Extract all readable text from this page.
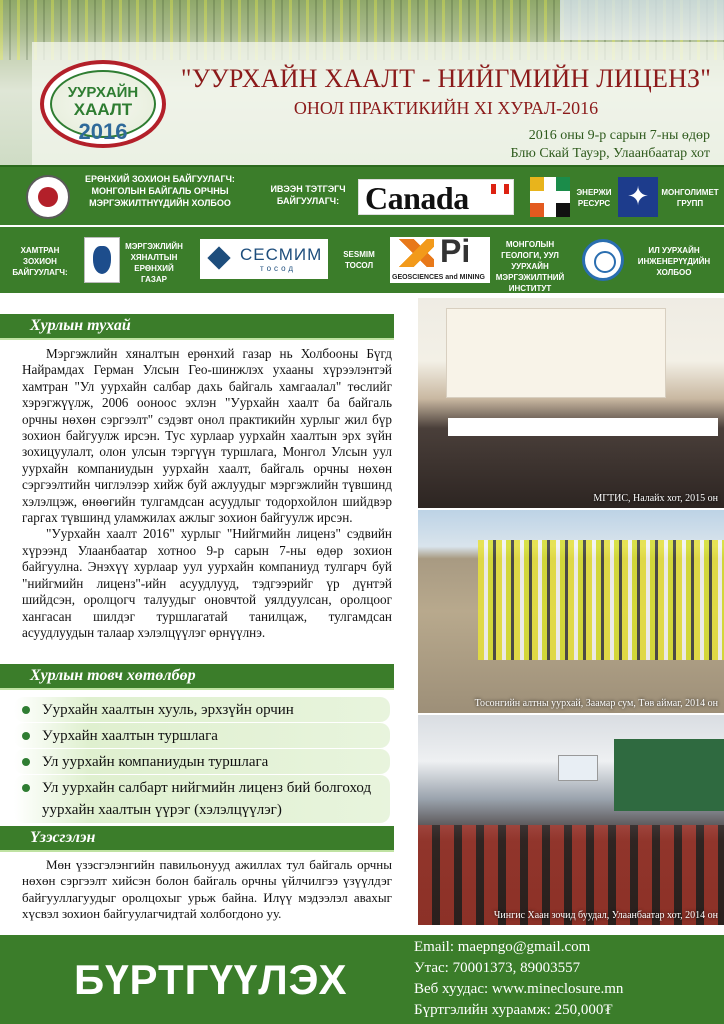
УУРХАЙН
ХААЛТ
2016
"УУРХАЙН ХААЛТ - НИЙГМИЙН ЛИЦЕНЗ"
ОНОЛ ПРАКТИКИЙН XI ХУРАЛ-2016
2016 оны 9-р сарын 7-ны өдөр
Блю Скай Тауэр, Улаанбаатар хот
ЕРӨНХИЙ ЗОХИОН БАЙГУУЛАГЧ: МОНГОЛЫН БАЙГАЛЬ ОРЧНЫ МЭРГЭЖИЛТНҮҮДИЙН ХОЛБОО
ИВЭЭН ТЭТГЭГЧ БАЙГУУЛАГЧ: Canada	ЭНЕРЖИ РЕСУРС ✦	МОНГОЛИМЕТ ГРУПП
ХАМТРАН ЗОХИОН БАЙГУУЛАГЧ:
МЭРГЭЖЛИЙН ХЯНАЛТЫН ЕРӨНХИЙ ГАЗАР
СЕСМИМ
тосод
SESMIM ТОСОЛ	Pi
GEOSCIENCES and MINING
МОНГОЛЫН ГЕОЛОГИ, УУЛ УУРХАЙН МЭРГЭЖИЛТНИЙ ИНСТИТУТ
ИЛ УУРХАЙН ИНЖЕНЕРҮҮДИЙН ХОЛБОО
Хурлын тухай

Мэргэжлийн хяналтын ерөнхий газар нь Холбооны Бүгд Найрамдах Герман Улсын Гео-шинжлэх ухааны хүрээлэнтэй хамтран "Ул уурхайн салбар дахь байгаль хамгаалал" төслийг хэрэгжүүлж, 2006 ооноос эхлэн "Уурхайн хаалт ба байгаль орчны нөхөн сэргээлт" сэдэвт онол практикийн хурлыг жил бүр зохион байгуулж ирсэн. Тус хурлаар уурхайн хаалтын эрх зүйн зохицуулалт, олон улсын тэргүүн туршлага, Монгол Улсын уул уурхайн компаниудын уурхайн хаалт, байгаль орчны нөхөн сэргээлтийн чиглэлээр хийж буй ажлуудыг мэргэжлийн түвшинд хэлэлцэж, өнөөгийн тулгамдсан асуудлыг тодорхойлон шийдвэр гаргах түвшинд уламжилах ажлыг зохион байгуулж ирсэн.

"Уурхайн хаалт 2016" хурлыг "Нийгмийн лиценз" сэдвийн хүрээнд Улаанбаатар хотноо 9-р сарын 7-ны өдөр зохион байгуулна. Энэхүү хурлаар уул уурхайн компаниуд тулгарч буй "нийгмийн лиценз"-ийн асуудлууд, тэдгээрийг үр дүнтэй шийдсэн, оролцогч талуудыг оновчтой уялдуулсан, оролцоог хангасан шилдэг туршлагатай танилцаж, тулгамдсан асуудлуудын талаар хэлэлцүүлэг өрнүүлнэ.

Хурлын товч хөтөлбөр
Уурхайн хаалтын хууль, эрхзүйн орчин
Уурхайн хаалтын туршлага
Ул уурхайн компаниудын туршлага
Ул уурхайн салбарт нийгмийн лиценз бий болгоход уурхайн хаалтын үүрэг (хэлэлцүүлэг)
Үзэсгэлэн

Мөн үзэсгэлэнгийн павильонууд ажиллах тул байгаль орчны нөхөн сэргээлт хийсэн болон байгаль орчны үйлчилгээ үзүүлдэг байгууллагуудыг оролцохыг урьж байна. Илүү мэдээлэл авахыг хүсвэл зохион байгуулагчидтай холбогдоно уу.

МГТИС, Налайх хот, 2015 он
Тосонгийн алтны уурхай, Заамар сум, Төв аймаг, 2014 он
Чингис Хаан зочид буудал, Улаанбаатар хот, 2014 он
БҮРТГҮҮЛЭХ
Email: maepngo@gmail.com
Утас: 70001373, 89003557
Веб хуудас: www.mineclosure.mn
Бүртгэлийн хураамж: 250,000₮
